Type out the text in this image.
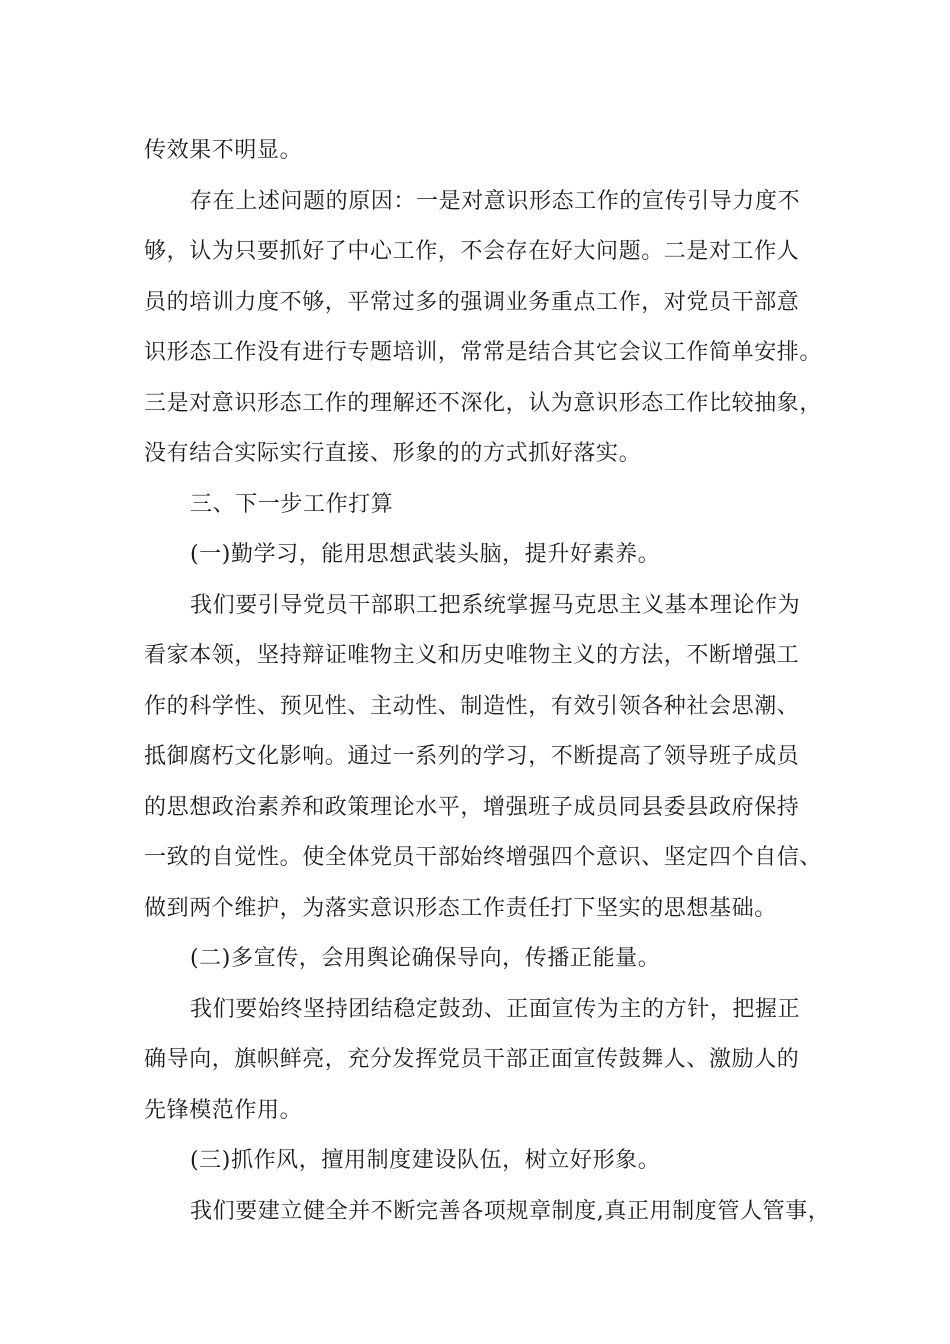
传效果不明显。
存在上述问题的原因：一是对意识形态工作的宣传引导力度不
够，认为只要抓好了中心工作，不会存在好大问题。二是对工作人
员的培训力度不够，平常过多的强调业务重点工作，对党员干部意
识形态工作没有进行专题培训，常常是结合其它会议工作简单安排。
三是对意识形态工作的理解还不深化，认为意识形态工作比较抽象，
没有结合实际实行直接、形象的的方式抓好落实。
三、下一步工作打算
(一)勤学习，能用思想武装头脑，提升好素养。
我们要引导党员干部职工把系统掌握马克思主义基本理论作为
看家本领，坚持辩证唯物主义和历史唯物主义的方法，不断增强工
作的科学性、预见性、主动性、制造性，有效引领各种社会思潮、
抵御腐朽文化影响。通过一系列的学习，不断提高了领导班子成员
的思想政治素养和政策理论水平，增强班子成员同县委县政府保持
一致的自觉性。使全体党员干部始终增强四个意识、坚定四个自信、
做到两个维护，为落实意识形态工作责任打下坚实的思想基础。
(二)多宣传，会用舆论确保导向，传播正能量。
我们要始终坚持团结稳定鼓劲、正面宣传为主的方针，把握正
确导向，旗帜鲜亮，充分发挥党员干部正面宣传鼓舞人、激励人的
先锋模范作用。
(三)抓作风，擅用制度建设队伍，树立好形象。
我们要建立健全并不断完善各项规章制度,真正用制度管人管事，
